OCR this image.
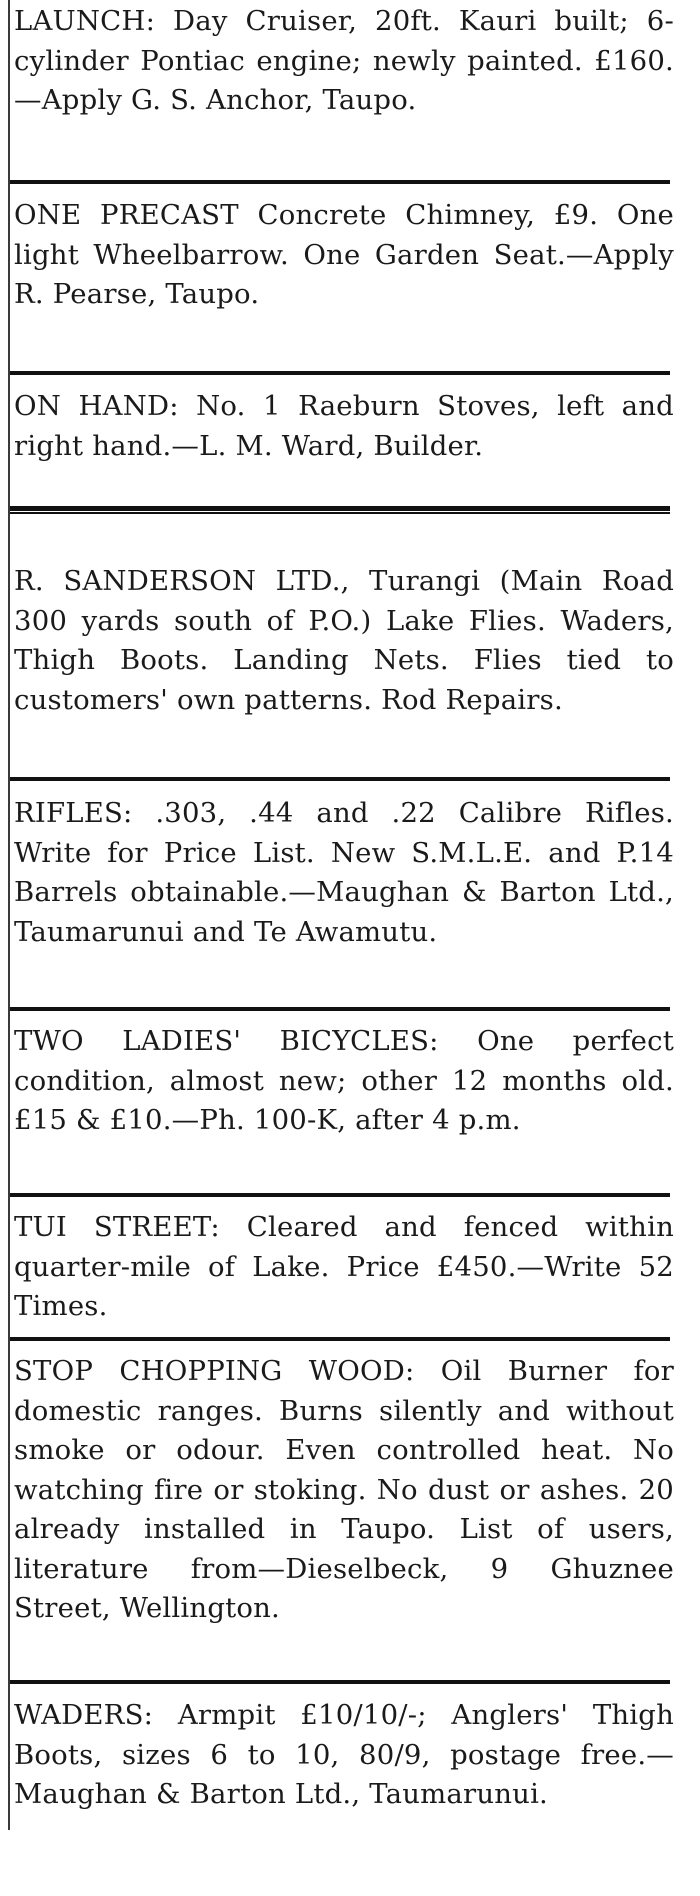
LAUNCH: Day Cruiser, 20ft. Kauri built; 6-cylinder Pontiac engine; newly painted. £160.—Apply G. S. Anchor, Taupo.

ONE PRECAST Concrete Chimney, £9. One light Wheelbarrow. One Garden Seat.—Apply R. Pearse, Taupo.

ON HAND: No. 1 Raeburn Stoves, left and right hand.—L. M. Ward, Builder.

R. SANDERSON LTD., Turangi (Main Road 300 yards south of P.O.) Lake Flies. Waders, Thigh Boots. Landing Nets. Flies tied to customers' own patterns. Rod Repairs.

RIFLES: .303, .44 and .22 Calibre Rifles. Write for Price List. New S.M.L.E. and P.14 Barrels obtainable.—Maughan & Barton Ltd., Taumarunui and Te Awamutu.

TWO LADIES' BICYCLES: One perfect condition, almost new; other 12 months old. £15 & £10.—Ph. 100-K, after 4 p.m.

TUI STREET: Cleared and fenced within quarter-mile of Lake. Price £450.—Write 52 Times.

STOP CHOPPING WOOD: Oil Burner for domestic ranges. Burns silently and without smoke or odour. Even controlled heat. No watching fire or stoking. No dust or ashes. 20 already installed in Taupo. List of users, literature from—Dieselbeck, 9 Ghuznee Street, Wellington.

WADERS: Armpit £10/10/-; Anglers' Thigh Boots, sizes 6 to 10, 80/9, postage free.—Maughan & Barton Ltd., Taumarunui.
